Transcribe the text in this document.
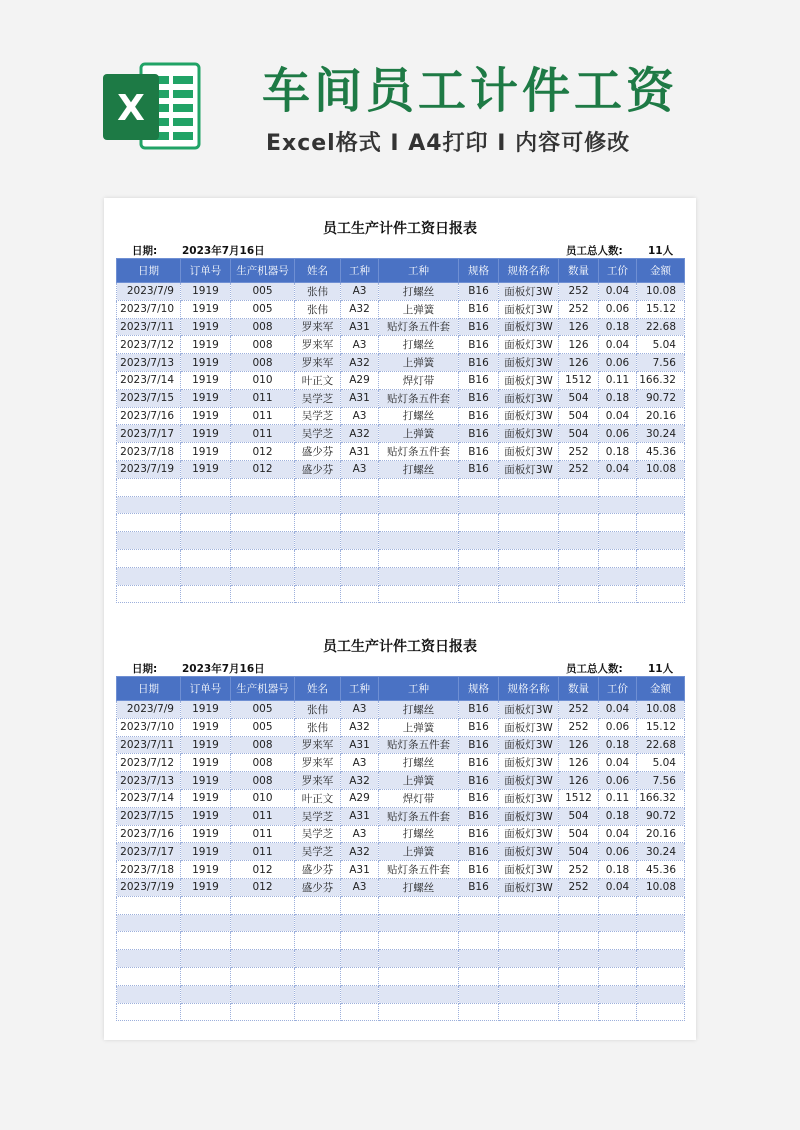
X 车间员工计件工资
Excel格式 I A4打印 I 内容可修改
员工生产计件工资日报表
日期: 2023年7月16日	员工总人数: 11人
日期	订单号	生产机器号	姓名	工种	工种	规格	规格名称	数量	工价	金额
2023/7/9	1919	005	张伟	A3	打螺丝	B16	面板灯3W	252	0.04	10.08
2023/7/10	1919	005	张伟	A32	上弹簧	B16	面板灯3W	252	0.06	15.12
2023/7/11	1919	008	罗来军	A31	贴灯条五件套	B16	面板灯3W	126	0.18	22.68
2023/7/12	1919	008	罗来军	A3	打螺丝	B16	面板灯3W	126	0.04	5.04
2023/7/13	1919	008	罗来军	A32	上弹簧	B16	面板灯3W	126	0.06	7.56
2023/7/14	1919	010	叶正文	A29	焊灯带	B16	面板灯3W	1512	0.11	166.32
2023/7/15	1919	011	吴学芝	A31	贴灯条五件套	B16	面板灯3W	504	0.18	90.72
2023/7/16	1919	011	吴学芝	A3	打螺丝	B16	面板灯3W	504	0.04	20.16
2023/7/17	1919	011	吴学芝	A32	上弹簧	B16	面板灯3W	504	0.06	30.24
2023/7/18	1919	012	盛少芬	A31	贴灯条五件套	B16	面板灯3W	252	0.18	45.36
2023/7/19	1919	012	盛少芬	A3	打螺丝	B16	面板灯3W	252	0.04	10.08

员工生产计件工资日报表
日期: 2023年7月16日	员工总人数: 11人
日期	订单号	生产机器号	姓名	工种	工种	规格	规格名称	数量	工价	金额
2023/7/9	1919	005	张伟	A3	打螺丝	B16	面板灯3W	252	0.04	10.08
2023/7/10	1919	005	张伟	A32	上弹簧	B16	面板灯3W	252	0.06	15.12
2023/7/11	1919	008	罗来军	A31	贴灯条五件套	B16	面板灯3W	126	0.18	22.68
2023/7/12	1919	008	罗来军	A3	打螺丝	B16	面板灯3W	126	0.04	5.04
2023/7/13	1919	008	罗来军	A32	上弹簧	B16	面板灯3W	126	0.06	7.56
2023/7/14	1919	010	叶正文	A29	焊灯带	B16	面板灯3W	1512	0.11	166.32
2023/7/15	1919	011	吴学芝	A31	贴灯条五件套	B16	面板灯3W	504	0.18	90.72
2023/7/16	1919	011	吴学芝	A3	打螺丝	B16	面板灯3W	504	0.04	20.16
2023/7/17	1919	011	吴学芝	A32	上弹簧	B16	面板灯3W	504	0.06	30.24
2023/7/18	1919	012	盛少芬	A31	贴灯条五件套	B16	面板灯3W	252	0.18	45.36
2023/7/19	1919	012	盛少芬	A3	打螺丝	B16	面板灯3W	252	0.04	10.08
